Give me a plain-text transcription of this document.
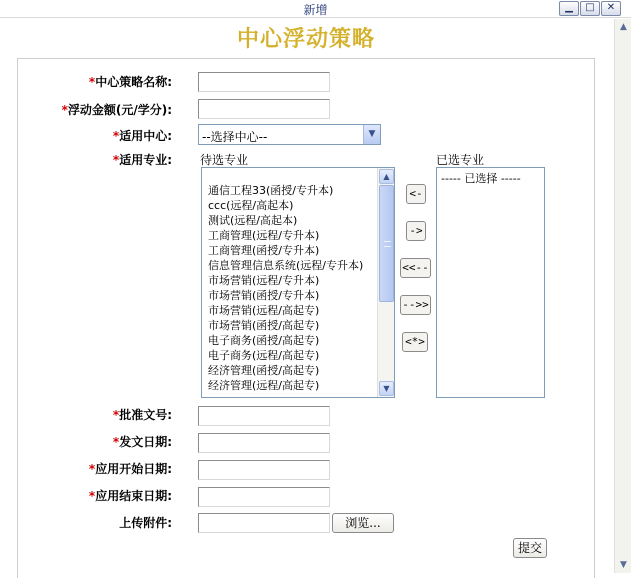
新增	▁	□	✕
▲
▼
中心浮动策略
*中心策略名称:
*浮动金额(元/学分):
*适用中心:	--选择中心--	▼
*适用专业: 待选专业	已选专业
通信工程33(函授/专升本)
ccc(远程/高起本)
测试(远程/高起本)
工商管理(远程/专升本)
工商管理(函授/专升本)
信息管理信息系统(远程/专升本)
市场营销(远程/专升本)
市场营销(函授/专升本)
市场营销(远程/高起专)
市场营销(函授/高起专)
电子商务(函授/高起专)
电子商务(远程/高起专)
经济管理(函授/高起专)
经济管理(远程/高起专)
▲
▼
<-
->
<<--
-->>
<*>
----- 已选择 -----
*批准文号:
*发文日期:
*应用开始日期:
*应用结束日期:
上传附件:	浏览...
提交
